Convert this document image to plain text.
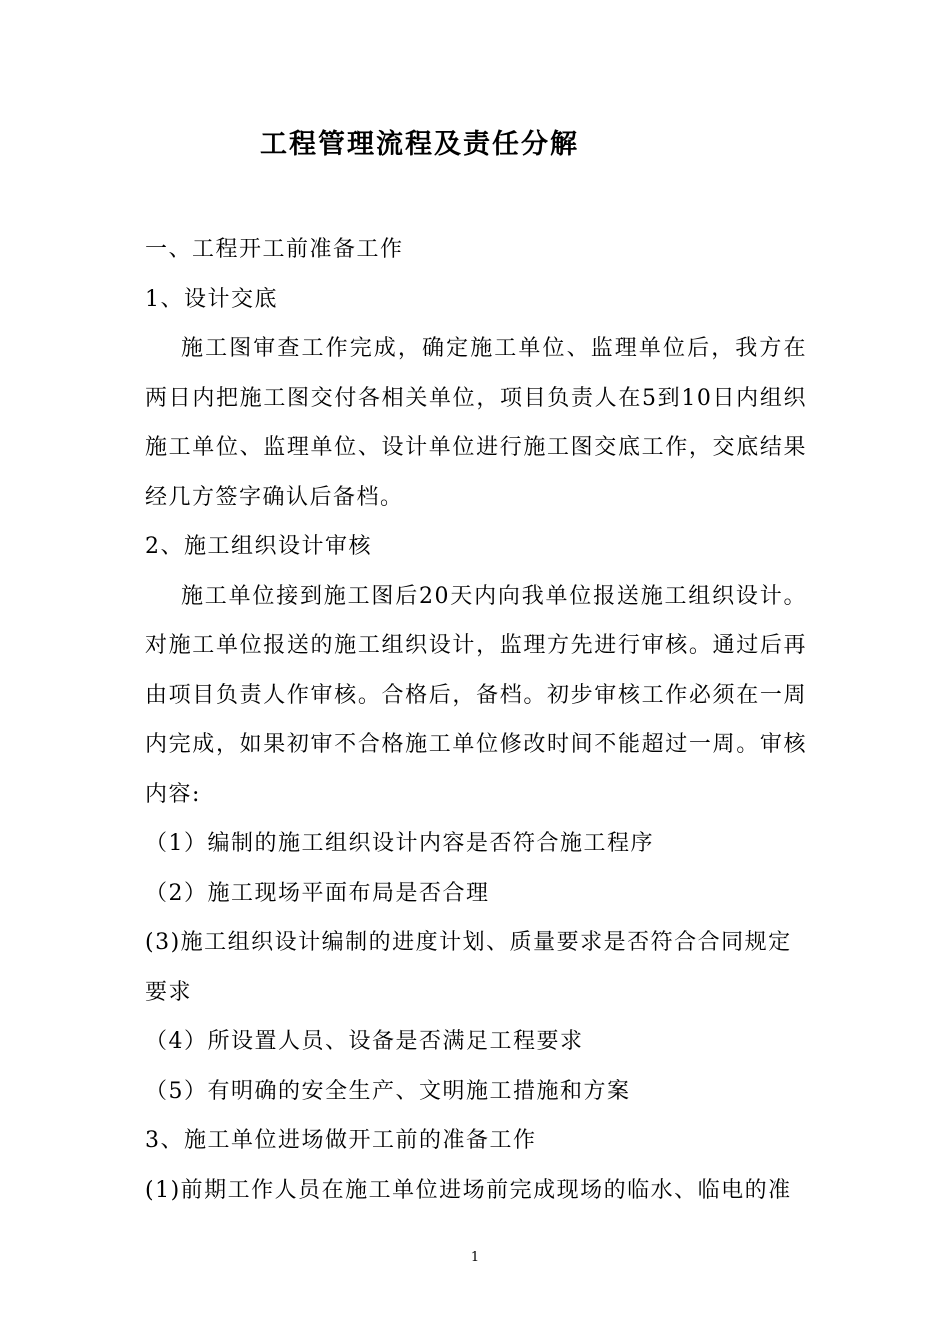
工程管理流程及责任分解

一、工程开工前准备工作

1、设计交底

施工图审查工作完成，确定施工单位、监理单位后，我方在两日内把施工图交付各相关单位，项目负责人在5到10日内组织施工单位、监理单位、设计单位进行施工图交底工作，交底结果经几方签字确认后备档。

2、施工组织设计审核

施工单位接到施工图后20天内向我单位报送施工组织设计。对施工单位报送的施工组织设计，监理方先进行审核。通过后再由项目负责人作审核。合格后，备档。初步审核工作必须在一周内完成，如果初审不合格施工单位修改时间不能超过一周。审核内容:

（1）编制的施工组织设计内容是否符合施工程序

（2）施工现场平面布局是否合理

(3)施工组织设计编制的进度计划、质量要求是否符合合同规定要求

（4）所设置人员、设备是否满足工程要求

（5）有明确的安全生产、文明施工措施和方案

3、施工单位进场做开工前的准备工作

(1)前期工作人员在施工单位进场前完成现场的临水、临电的准

1
